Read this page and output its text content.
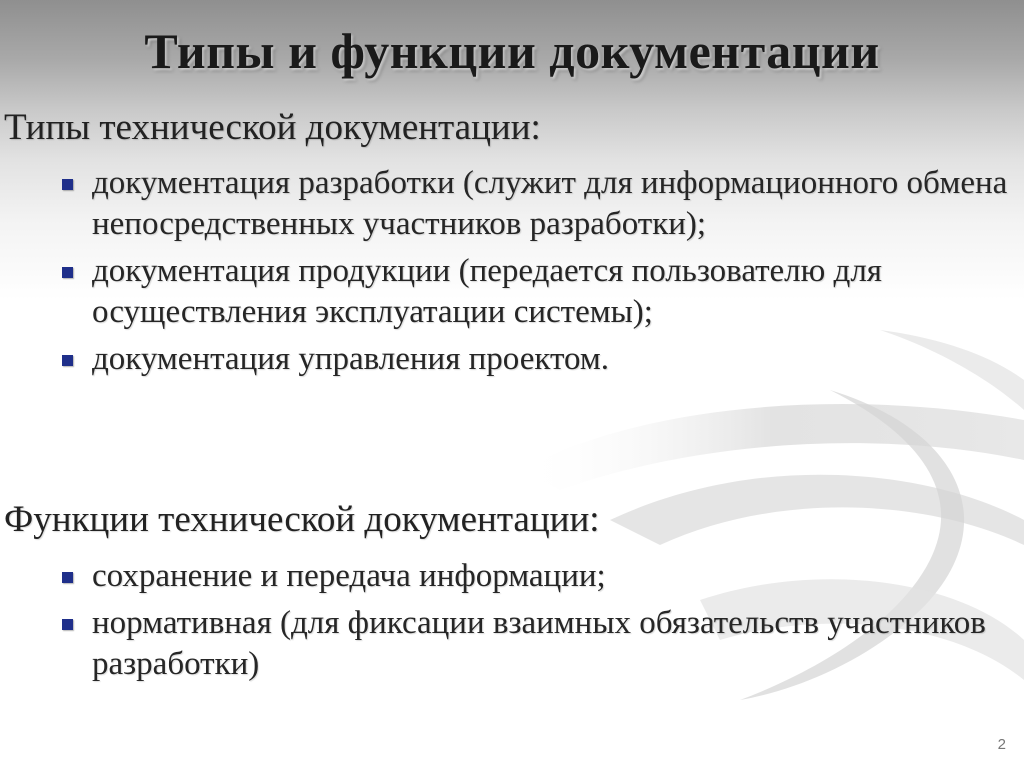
Типы и функции документации
Типы технической документации:
документация разработки (служит для информационного обмена непосредственных участников разработки);
документация продукции (передается пользователю для осуществления эксплуатации системы);
документация управления проектом.
Функции технической документации:
сохранение и передача информации;
нормативная (для фиксации взаимных обязательств участников разработки)
2
